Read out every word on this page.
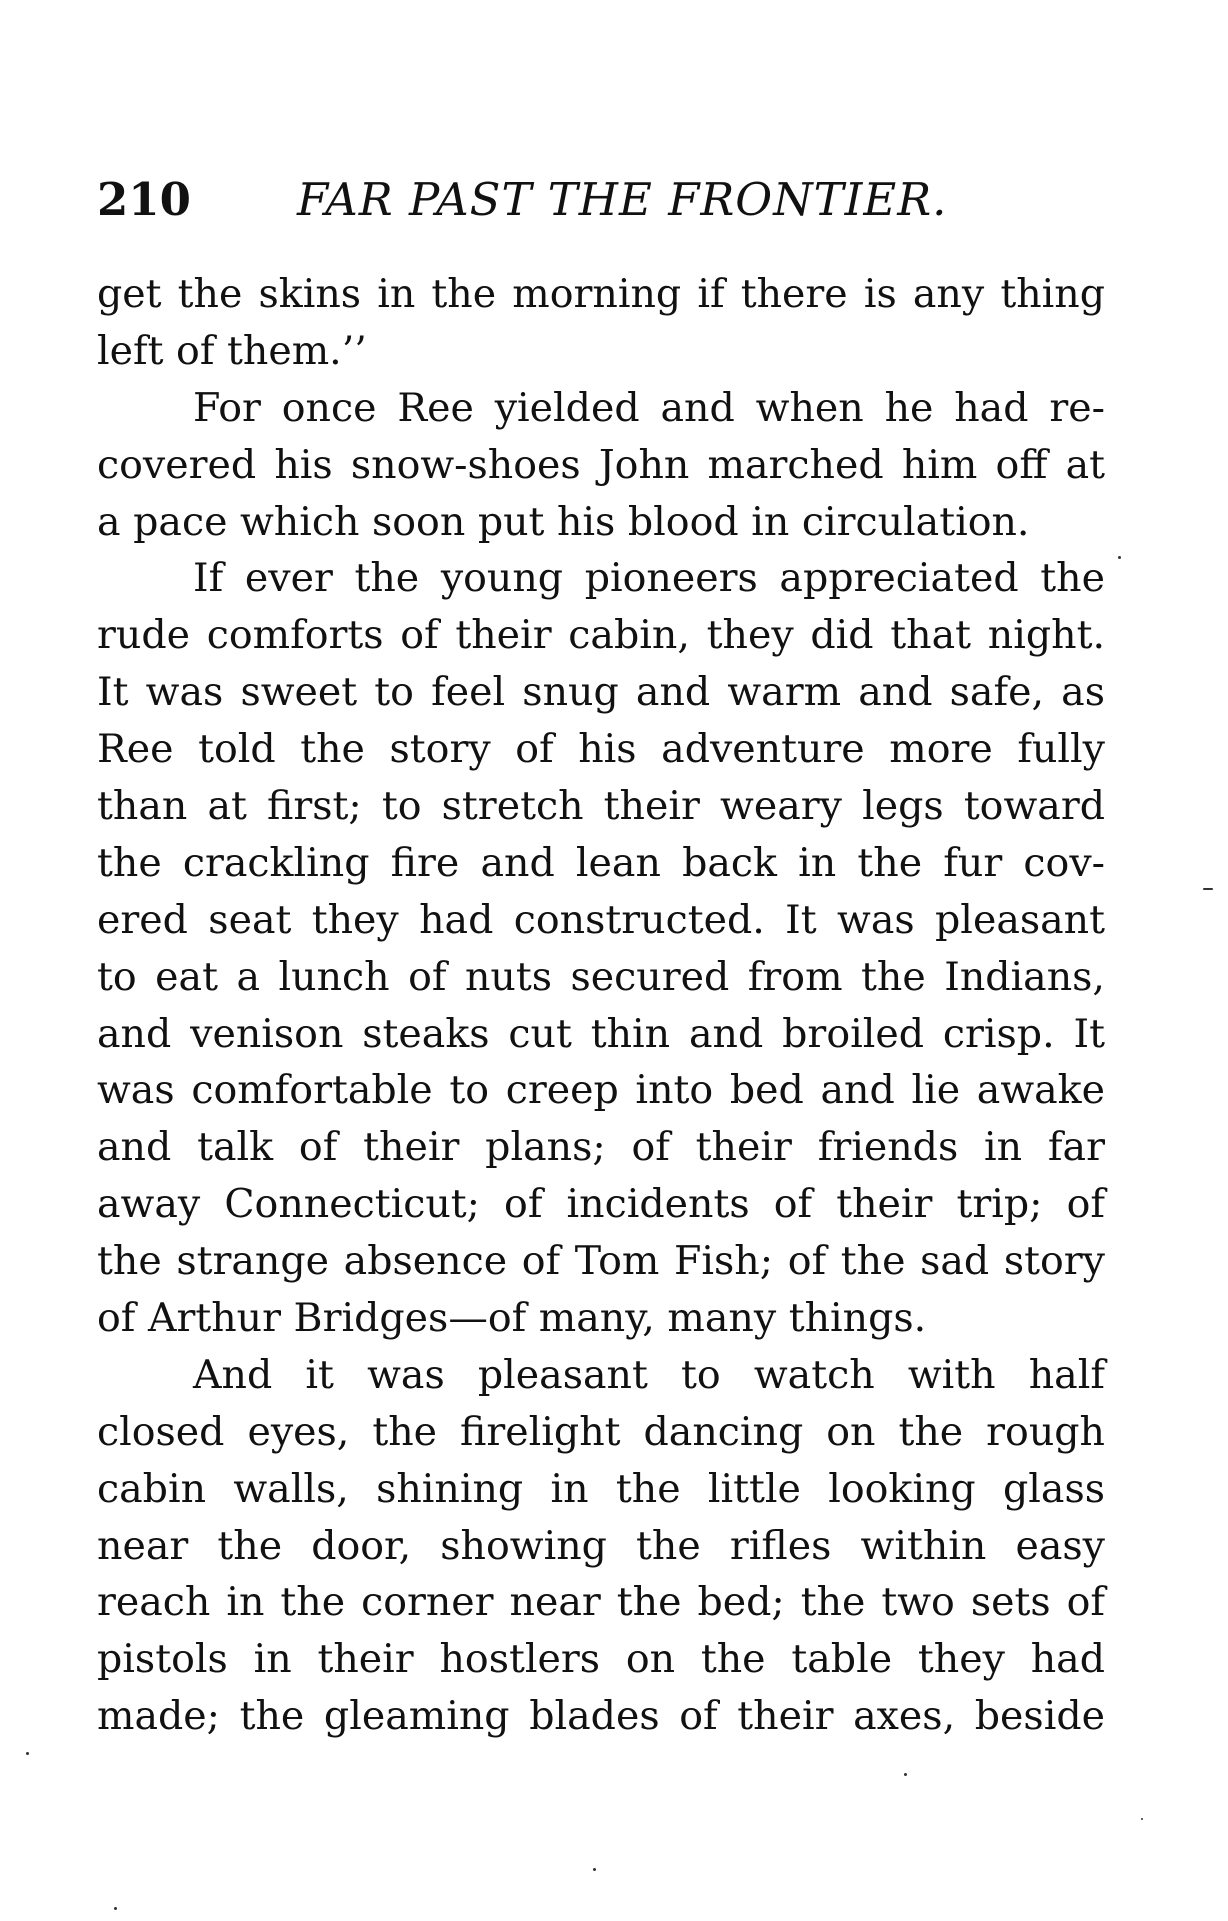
210 FAR PAST THE FRONTIER.
get the skins in the morning if there is any thing
left of them.’’
For once Ree yielded and when he had re-
covered his snow-shoes John marched him off at
a pace which soon put his blood in circulation.
If ever the young pioneers appreciated the
rude comforts of their cabin, they did that night.
It was sweet to feel snug and warm and safe, as
Ree told the story of his adventure more fully
than at first; to stretch their weary legs toward
the crackling fire and lean back in the fur cov-
ered seat they had constructed. It was pleasant
to eat a lunch of nuts secured from the Indians,
and venison steaks cut thin and broiled crisp. It
was comfortable to creep into bed and lie awake
and talk of their plans; of their friends in far
away Connecticut; of incidents of their trip; of
the strange absence of Tom Fish; of the sad story
of Arthur Bridges—of many, many things.
And it was pleasant to watch with half
closed eyes, the firelight dancing on the rough
cabin walls, shining in the little looking glass
near the door, showing the rifles within easy
reach in the corner near the bed; the two sets of
pistols in their hostlers on the table they had
made; the gleaming blades of their axes, beside
